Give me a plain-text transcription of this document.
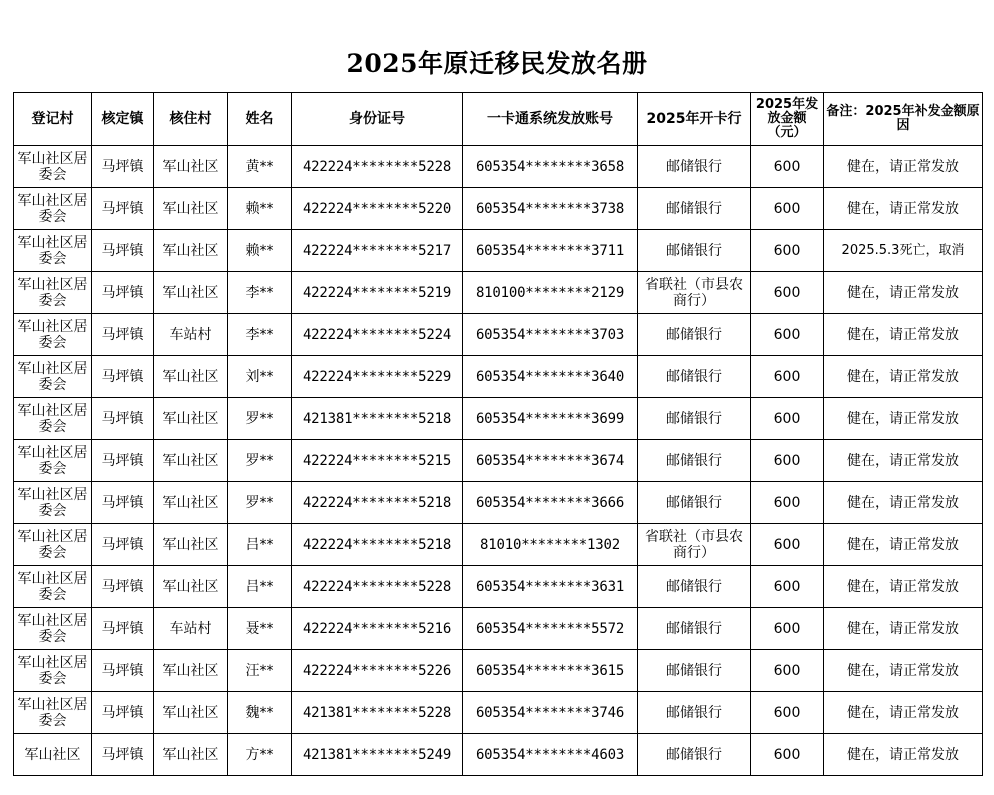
2025年原迁移民发放名册
登记村	核定镇	核住村	姓名	身份证号	一卡通系统发放账号	2025年开卡行	2025年发放金额（元）	备注：2025年补发金额原因
军山社区居委会	马坪镇	军山社区	黄**	422224********5228	605354********3658	邮储银行	600	健在，请正常发放
军山社区居委会	马坪镇	军山社区	赖**	422224********5220	605354********3738	邮储银行	600	健在，请正常发放
军山社区居委会	马坪镇	军山社区	赖**	422224********5217	605354********3711	邮储银行	600	2025.5.3死亡，取消
军山社区居委会	马坪镇	军山社区	李**	422224********5219	810100********2129	省联社（市县农商行）	600	健在，请正常发放
军山社区居委会	马坪镇	车站村	李**	422224********5224	605354********3703	邮储银行	600	健在，请正常发放
军山社区居委会	马坪镇	军山社区	刘**	422224********5229	605354********3640	邮储银行	600	健在，请正常发放
军山社区居委会	马坪镇	军山社区	罗**	421381********5218	605354********3699	邮储银行	600	健在，请正常发放
军山社区居委会	马坪镇	军山社区	罗**	422224********5215	605354********3674	邮储银行	600	健在，请正常发放
军山社区居委会	马坪镇	军山社区	罗**	422224********5218	605354********3666	邮储银行	600	健在，请正常发放
军山社区居委会	马坪镇	军山社区	吕**	422224********5218	81010********1302	省联社（市县农商行）	600	健在，请正常发放
军山社区居委会	马坪镇	军山社区	吕**	422224********5228	605354********3631	邮储银行	600	健在，请正常发放
军山社区居委会	马坪镇	车站村	聂**	422224********5216	605354********5572	邮储银行	600	健在，请正常发放
军山社区居委会	马坪镇	军山社区	汪**	422224********5226	605354********3615	邮储银行	600	健在，请正常发放
军山社区居委会	马坪镇	军山社区	魏**	421381********5228	605354********3746	邮储银行	600	健在，请正常发放
军山社区	马坪镇	军山社区	方**	421381********5249	605354********4603	邮储银行	600	健在，请正常发放
